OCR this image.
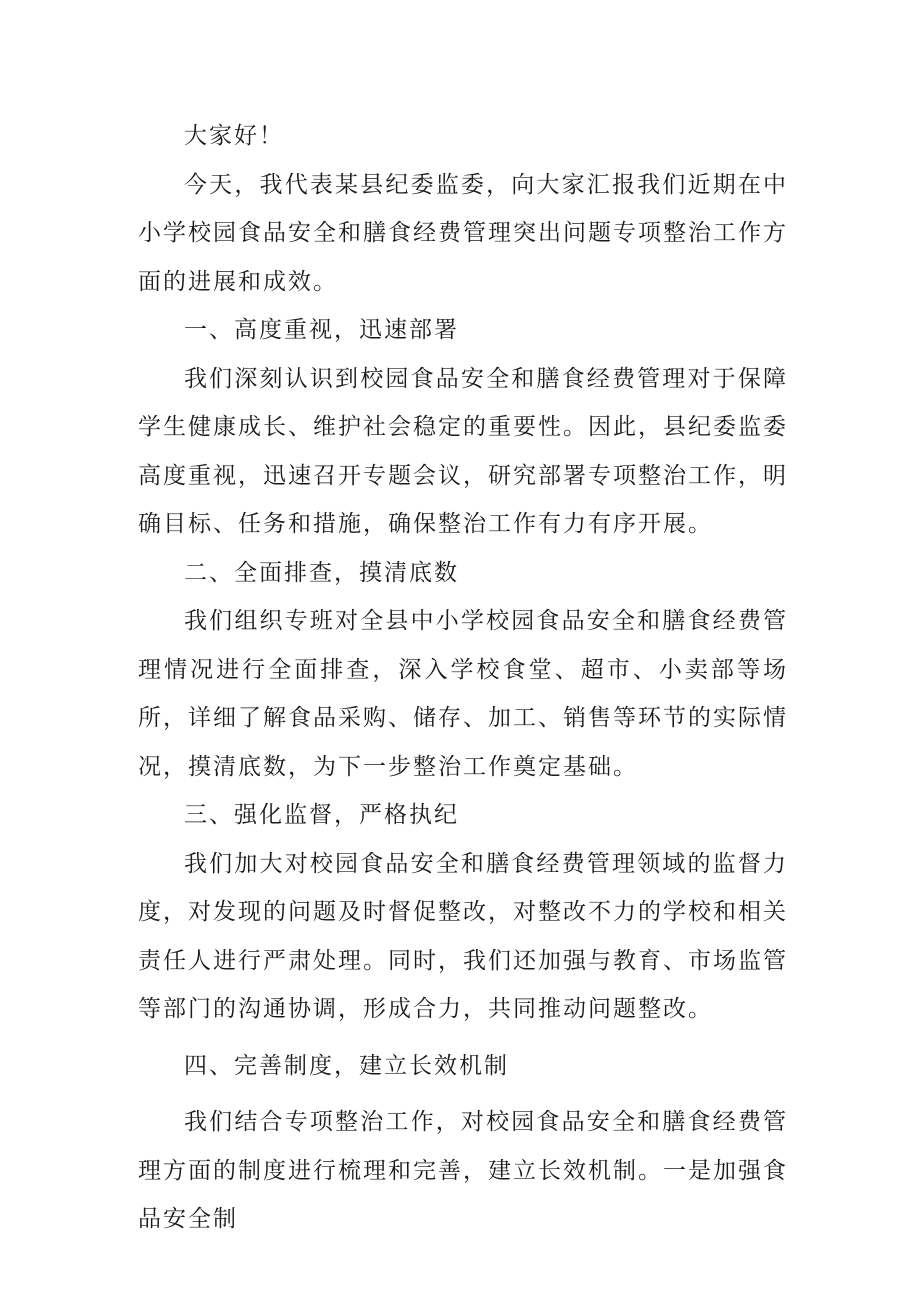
大家好！

今天，我代表某县纪委监委，向大家汇报我们近期在中小学校园食品安全和膳食经费管理突出问题专项整治工作方面的进展和成效。

一、高度重视，迅速部署

我们深刻认识到校园食品安全和膳食经费管理对于保障学生健康成长、维护社会稳定的重要性。因此，县纪委监委高度重视，迅速召开专题会议，研究部署专项整治工作，明确目标、任务和措施，确保整治工作有力有序开展。

二、全面排查，摸清底数

我们组织专班对全县中小学校园食品安全和膳食经费管理情况进行全面排查，深入学校食堂、超市、小卖部等场所，详细了解食品采购、储存、加工、销售等环节的实际情况，摸清底数，为下一步整治工作奠定基础。

三、强化监督，严格执纪

我们加大对校园食品安全和膳食经费管理领域的监督力度，对发现的问题及时督促整改，对整改不力的学校和相关责任人进行严肃处理。同时，我们还加强与教育、市场监管等部门的沟通协调，形成合力，共同推动问题整改。

四、完善制度，建立长效机制

我们结合专项整治工作，对校园食品安全和膳食经费管理方面的制度进行梳理和完善，建立长效机制。一是加强食品安全制
